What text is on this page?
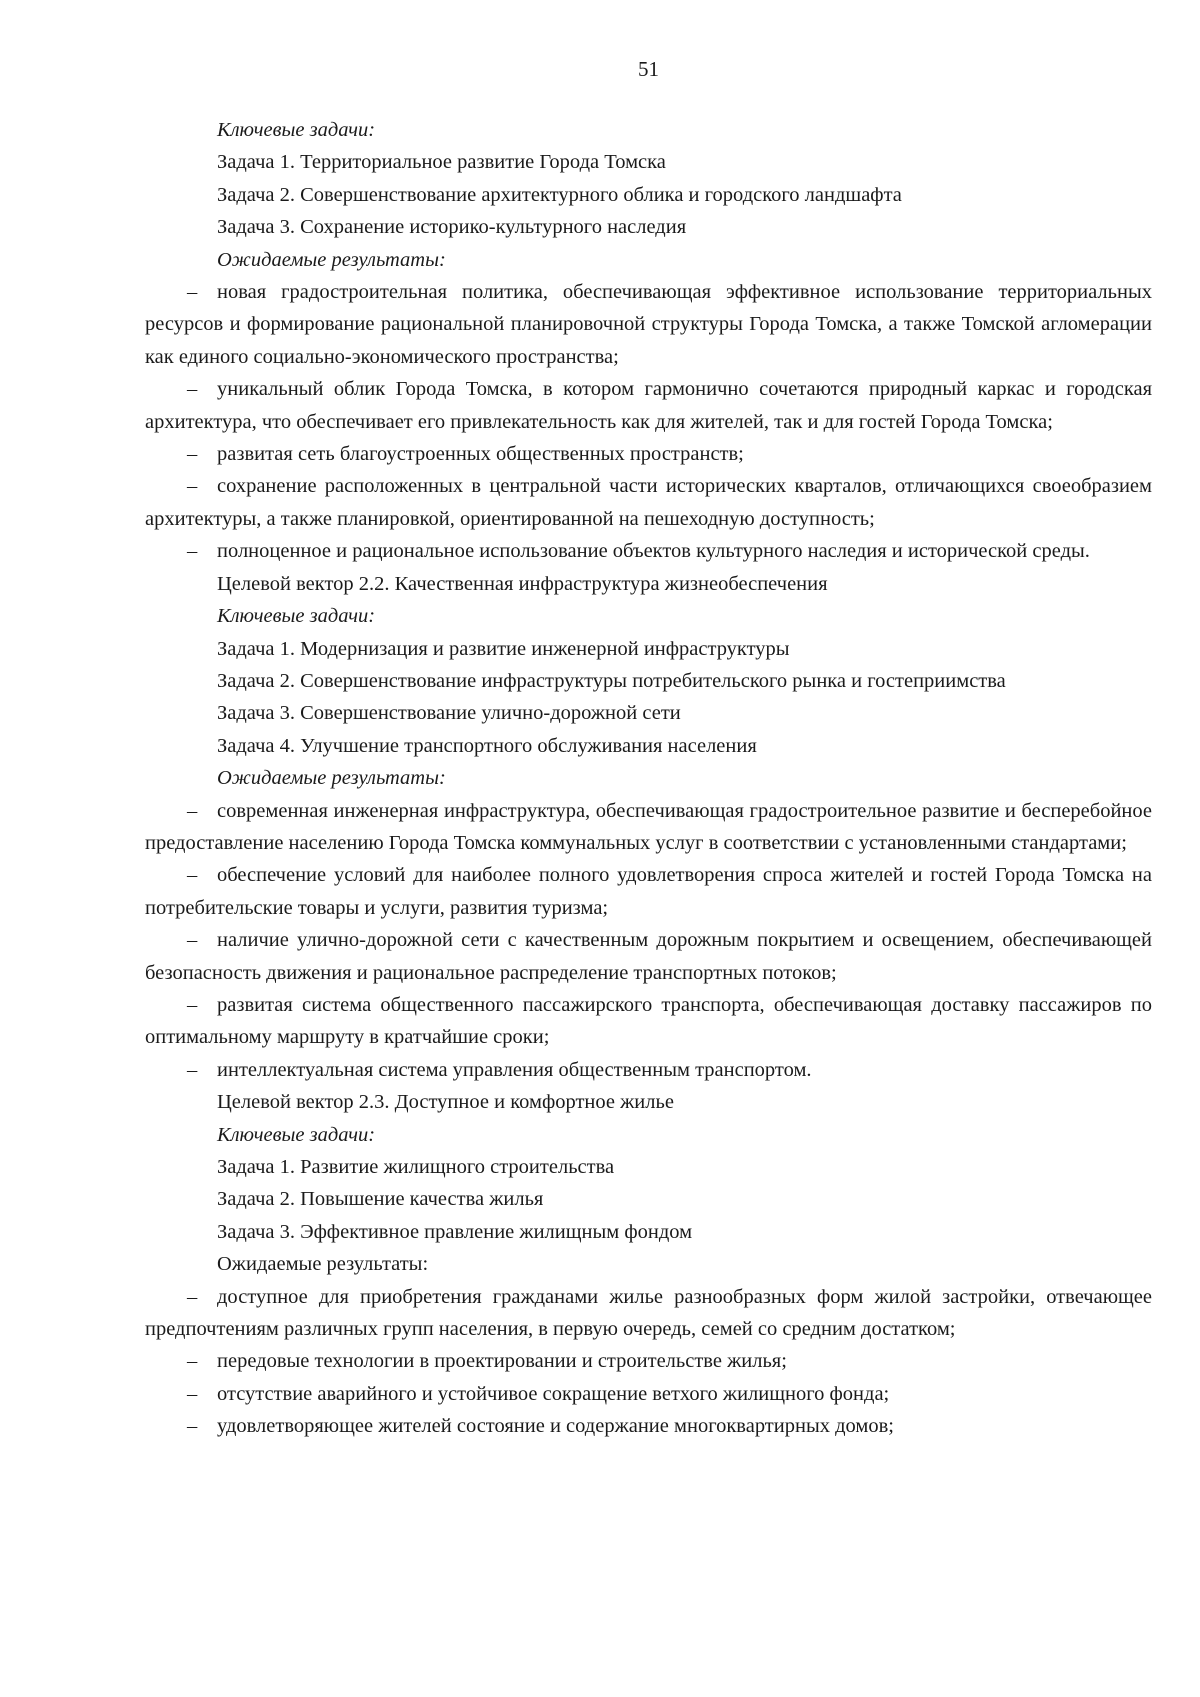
51

Ключевые задачи:

Задача 1. Территориальное развитие Города Томска

Задача 2. Совершенствование архитектурного облика и городского ландшафта

Задача 3. Сохранение историко-культурного наследия

Ожидаемые результаты:

– новая градостроительная политика, обеспечивающая эффективное использование территориальных ресурсов и формирование рациональной планировочной структуры Города Томска, а также Томской агломерации как единого социально-экономического пространства;

– уникальный облик Города Томска, в котором гармонично сочетаются природный каркас и городская архитектура, что обеспечивает его привлекательность как для жителей, так и для гостей Города Томска;

– развитая сеть благоустроенных общественных пространств;

– сохранение расположенных в центральной части исторических кварталов, отличающихся своеобразием архитектуры, а также планировкой, ориентированной на пешеходную доступность;

– полноценное и рациональное использование объектов культурного наследия и исторической среды.

Целевой вектор 2.2. Качественная инфраструктура жизнеобеспечения

Ключевые задачи:

Задача 1. Модернизация и развитие инженерной инфраструктуры

Задача 2. Совершенствование инфраструктуры потребительского рынка и гостеприимства

Задача 3. Совершенствование улично-дорожной сети

Задача 4. Улучшение транспортного обслуживания населения

Ожидаемые результаты:

– современная инженерная инфраструктура, обеспечивающая градостроительное развитие и бесперебойное предоставление населению Города Томска коммунальных услуг в соответствии с установленными стандартами;

– обеспечение условий для наиболее полного удовлетворения спроса жителей и гостей Города Томска на потребительские товары и услуги, развития туризма;

– наличие улично-дорожной сети с качественным дорожным покрытием и освещением, обеспечивающей безопасность движения и рациональное распределение транспортных потоков;

– развитая система общественного пассажирского транспорта, обеспечивающая доставку пассажиров по оптимальному маршруту в кратчайшие сроки;

– интеллектуальная система управления общественным транспортом.

Целевой вектор 2.3. Доступное и комфортное жилье

Ключевые задачи:

Задача 1. Развитие жилищного строительства

Задача 2. Повышение качества жилья

Задача 3. Эффективное правление жилищным фондом

Ожидаемые результаты:

– доступное для приобретения гражданами жилье разнообразных форм жилой застройки, отвечающее предпочтениям различных групп населения, в первую очередь, семей со средним достатком;

– передовые технологии в проектировании и строительстве жилья;

– отсутствие аварийного и устойчивое сокращение ветхого жилищного фонда;

– удовлетворяющее жителей состояние и содержание многоквартирных домов;
